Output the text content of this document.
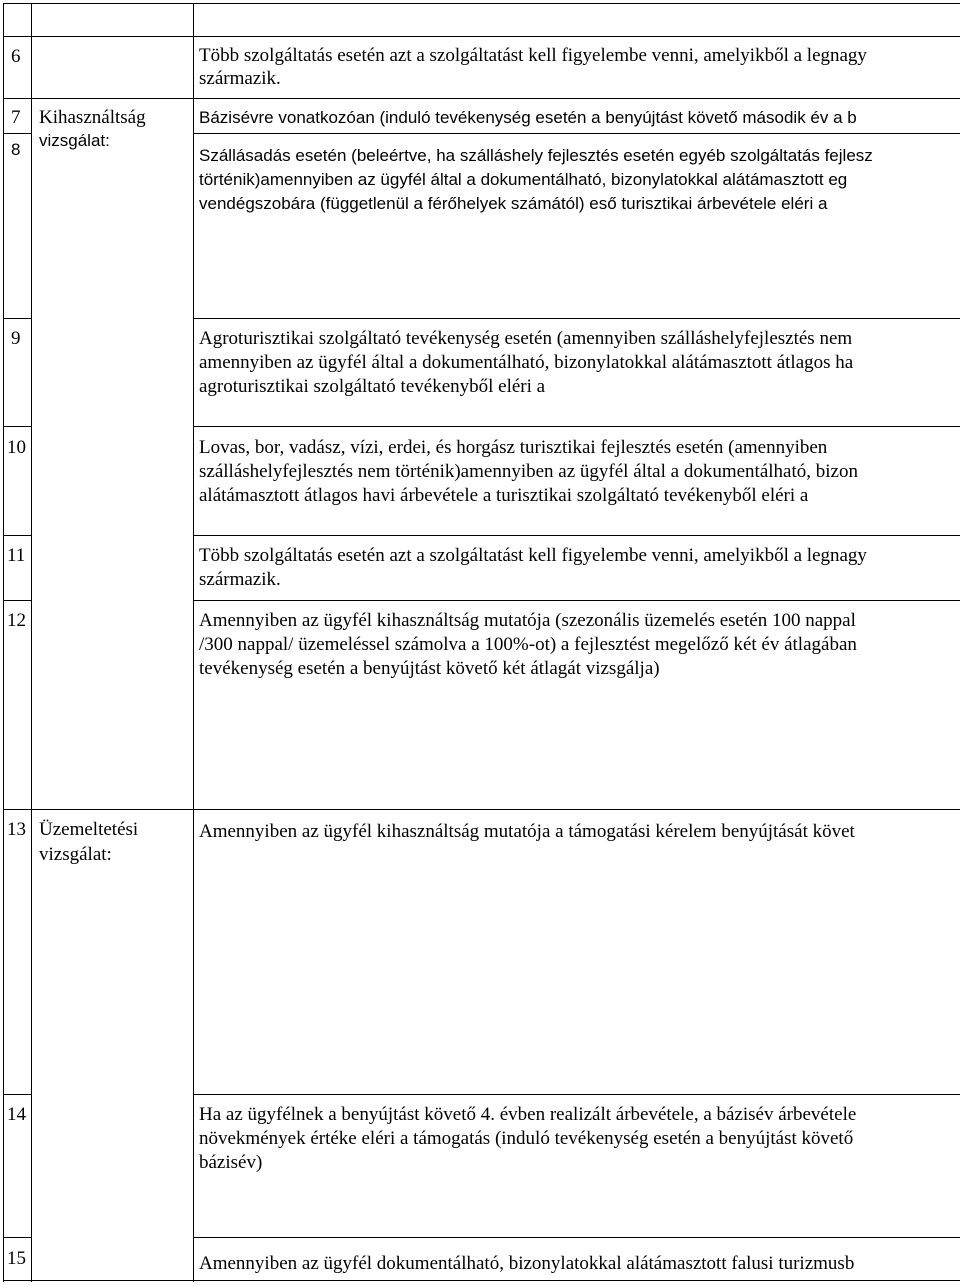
6
7
8
9
10
11
12
13
14
15
Kihasználtság
vizsgálat:
Üzemeltetési
vizsgálat:
Több szolgáltatás esetén azt a szolgáltatást kell figyelembe venni, amelyikből a legnagy
származik.
Bázisévre vonatkozóan (induló tevékenység esetén a benyújtást követő második év a b
Szállásadás esetén (beleértve, ha szálláshely fejlesztés esetén egyéb szolgáltatás fejlesz
történik)amennyiben az ügyfél által a dokumentálható, bizonylatokkal alátámasztott eg
vendégszobára (függetlenül a férőhelyek számától) eső turisztikai árbevétele eléri a
Agroturisztikai szolgáltató tevékenység esetén (amennyiben szálláshelyfejlesztés nem
amennyiben az ügyfél által a dokumentálható, bizonylatokkal alátámasztott átlagos ha
agroturisztikai szolgáltató tevékenyből eléri a
Lovas, bor, vadász, vízi, erdei, és horgász turisztikai fejlesztés esetén (amennyiben
szálláshelyfejlesztés nem történik)amennyiben az ügyfél által a dokumentálható, bizon
alátámasztott átlagos havi árbevétele a turisztikai szolgáltató tevékenyből eléri a
Több szolgáltatás esetén azt a szolgáltatást kell figyelembe venni, amelyikből a legnagy
származik.
Amennyiben az ügyfél kihasználtság mutatója (szezonális üzemelés esetén 100 nappal
/300 nappal/ üzemeléssel számolva a 100%-ot) a fejlesztést megelőző két év átlagában
tevékenység esetén a benyújtást követő két átlagát vizsgálja)
Amennyiben az ügyfél kihasználtság mutatója a támogatási kérelem benyújtását követ
Ha az ügyfélnek a benyújtást követő 4. évben realizált árbevétele, a bázisév árbevétele
növekmények értéke eléri a támogatás (induló tevékenység esetén a benyújtást követő
bázisév)
Amennyiben az ügyfél dokumentálható, bizonylatokkal alátámasztott falusi turizmusb
